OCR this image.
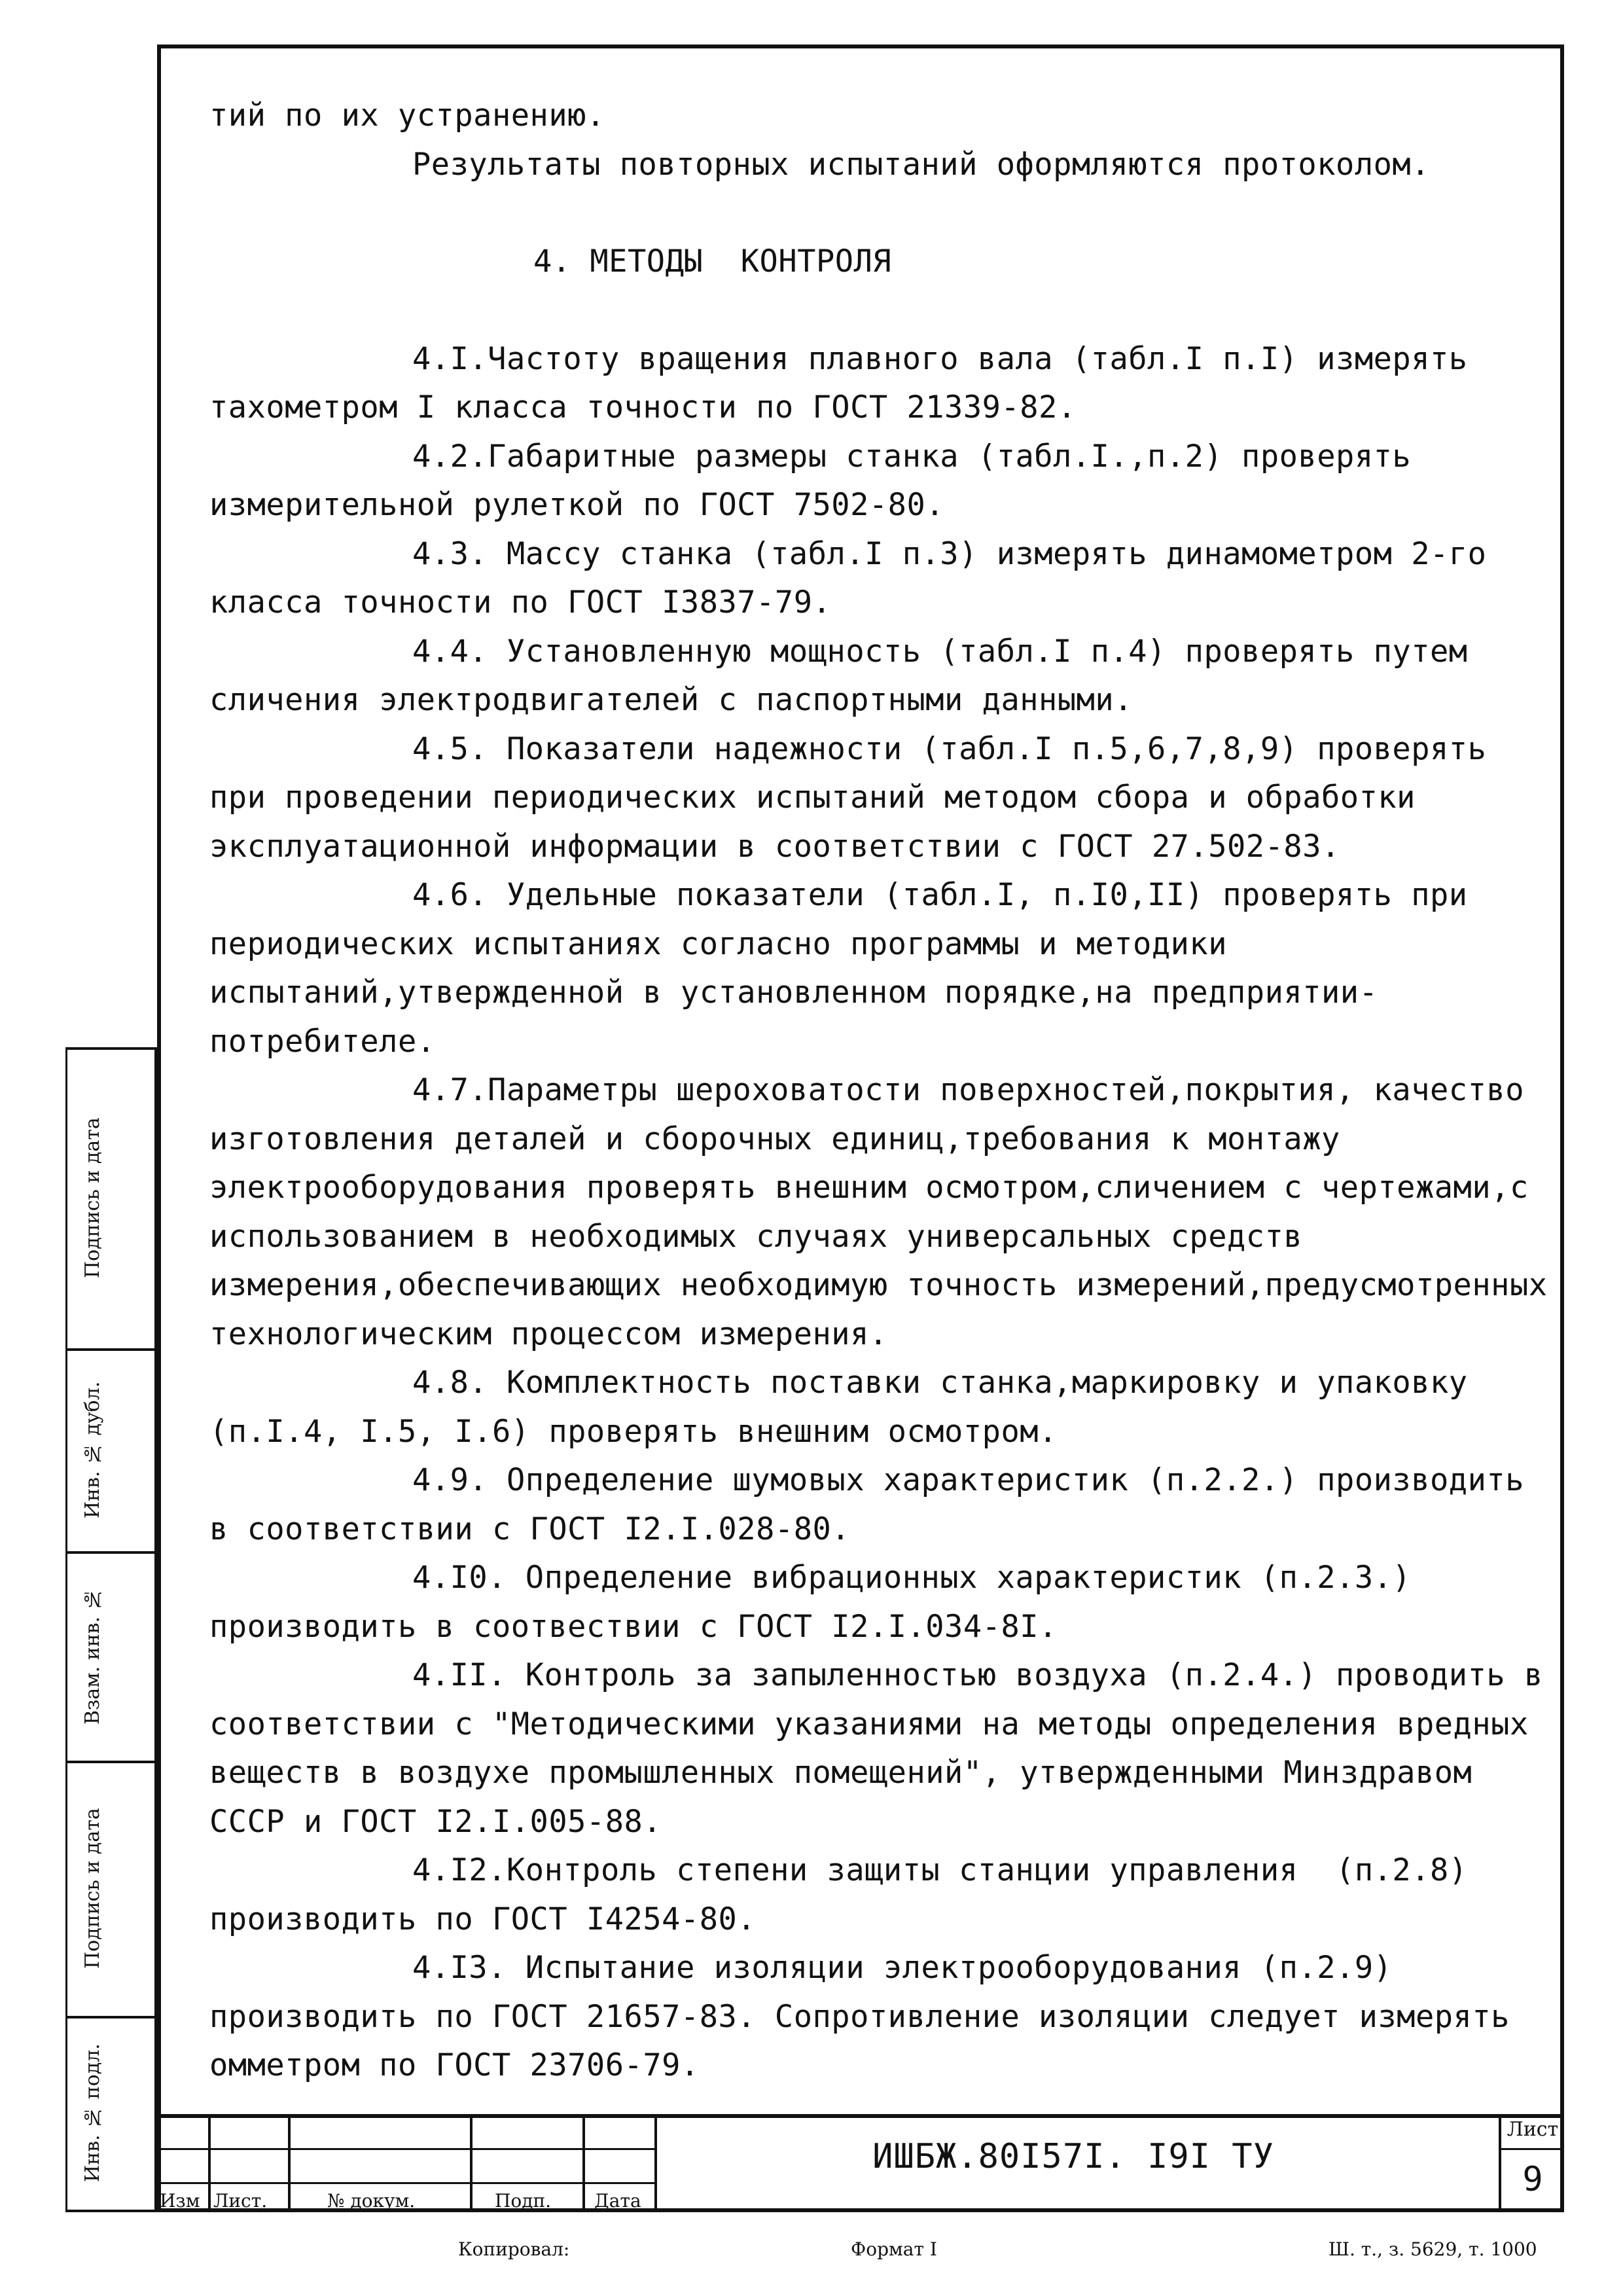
тий по их устранению.

Результаты повторных испытаний оформляются протоколом.

4. МЕТОДЫ  КОНТРОЛЯ

4.I.Частоту вращения плавного вала (табл.I п.I) измерять тахометром I класса точности по ГОСТ 21339-82.

4.2.Габаритные размеры станка (табл.I.,п.2) проверять измерительной рулеткой по ГОСТ 7502-80.

4.3. Массу станка (табл.I п.3) измерять динамометром 2-го класса точности по ГОСТ I3837-79.

4.4. Установленную мощность (табл.I п.4) проверять путем сличения электродвигателей с паспортными данными.

4.5. Показатели надежности (табл.I п.5,6,7,8,9) проверять при проведении периодических испытаний методом сбора и обработки эксплуатационной информации в соответствии с ГОСТ 27.502-83.

4.6. Удельные показатели (табл.I, п.I0,II) проверять при периодических испытаниях согласно программы и методики испытаний,утвержденной в установленном порядке,на предприятии-потребителе.

4.7.Параметры шероховатости поверхностей,покрытия, качество изготовления деталей и сборочных единиц,требования к монтажу электрооборудования проверять внешним осмотром,сличением с чертежами,с использованием в необходимых случаях универсальных средств измерения,обеспечивающих необходимую точность измерений,предусмотренных технологическим процессом измерения.

4.8. Комплектность поставки станка,маркировку и упаковку (п.I.4, I.5, I.6) проверять внешним осмотром.

4.9. Определение шумовых характеристик (п.2.2.) производить в соответствии с ГОСТ I2.I.028-80.

4.I0. Определение вибрационных характеристик (п.2.3.) производить в соотвествии с ГОСТ I2.I.034-8I.

4.II. Контроль за запыленностью воздуха (п.2.4.) проводить в соответствии с "Методическими указаниями на методы определения вредных веществ в воздухе промышленных помещений", утвержденными Минздравом СССР и ГОСТ I2.I.005-88.

4.I2.Контроль степени защиты станции управления  (п.2.8) производить по ГОСТ I4254-80.

4.I3. Испытание изоляции электрооборудования (п.2.9) производить по ГОСТ 21657-83. Сопротивление изоляции следует измерять омметром по ГОСТ 23706-79.

Подпись и дата
Инв. № дубл.
Взам. инв. №
Подпись и дата
Инв. № подл.
Изм Лист.	№ докум.	Подп. Дата
ИШБЖ.80I57I. I9I ТУ
Лист
9
Копировал:	Формат I	Ш. т., з. 5629, т. 1000
